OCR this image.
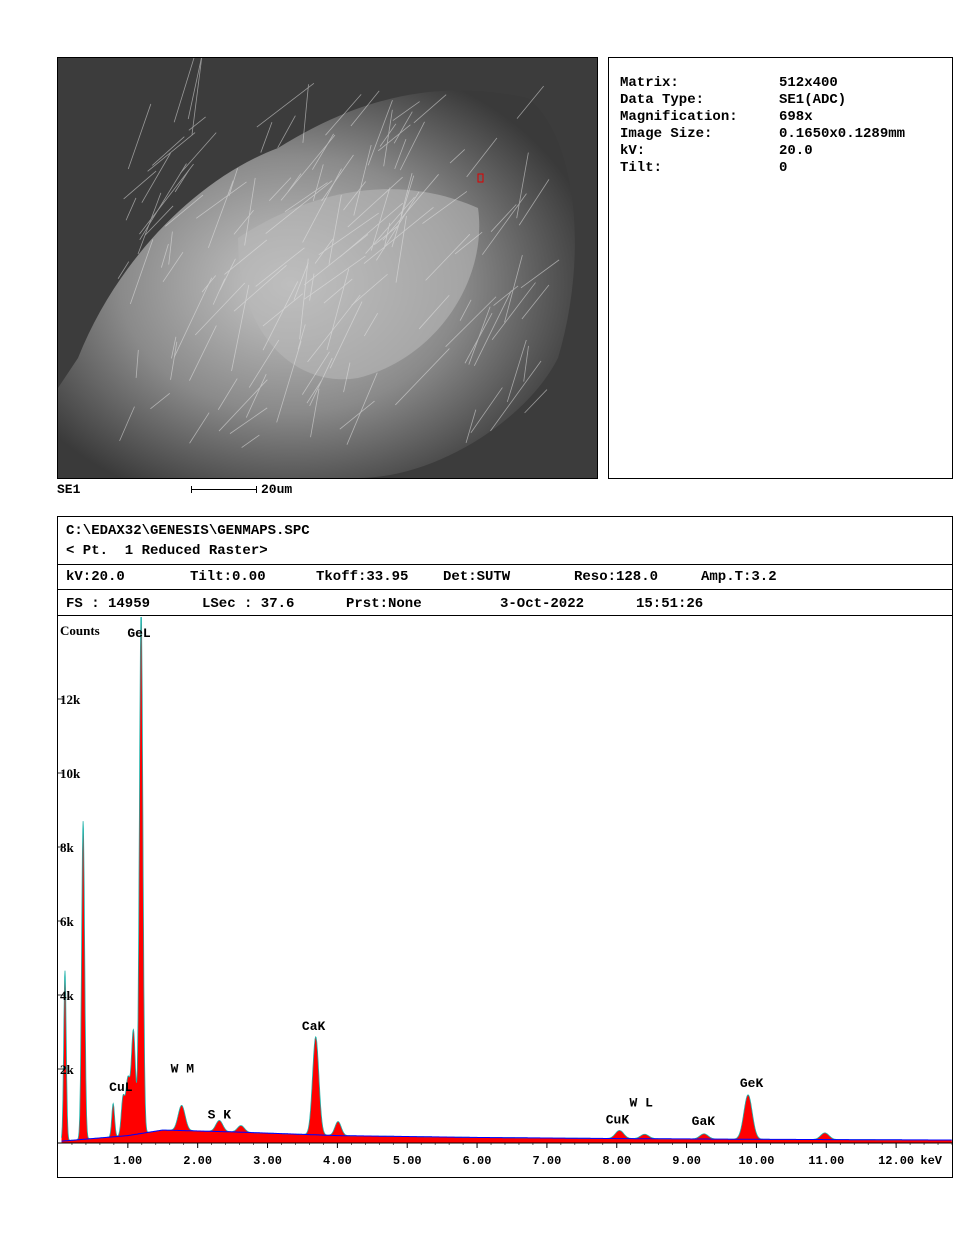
SE1	20um
Matrix:	512x400
Data Type:	SE1(ADC)
Magnification:	698x
Image Size:	0.1650x0.1289mm
kV:	20.0
Tilt:	0
C:\EDAX32\GENESIS\GENMAPS.SPC
< Pt.  1 Reduced Raster>
kV:20.0	Tilt:0.00	Tkoff:33.95 Det:SUTW	Reso:128.0	Amp.T:3.2
FS : 14959	LSec : 37.6	Prst:None	3-Oct-2022	15:51:26
1.00	2.00	3.00	4.00	5.00	6.00	7.00	8.00	9.00	10.00	11.00	12.00 keV
2k
4k
6k
8k
10k
12k
Counts GeL
CuL
W M
S K
CaK
CuK
W L
GaK
GeK
